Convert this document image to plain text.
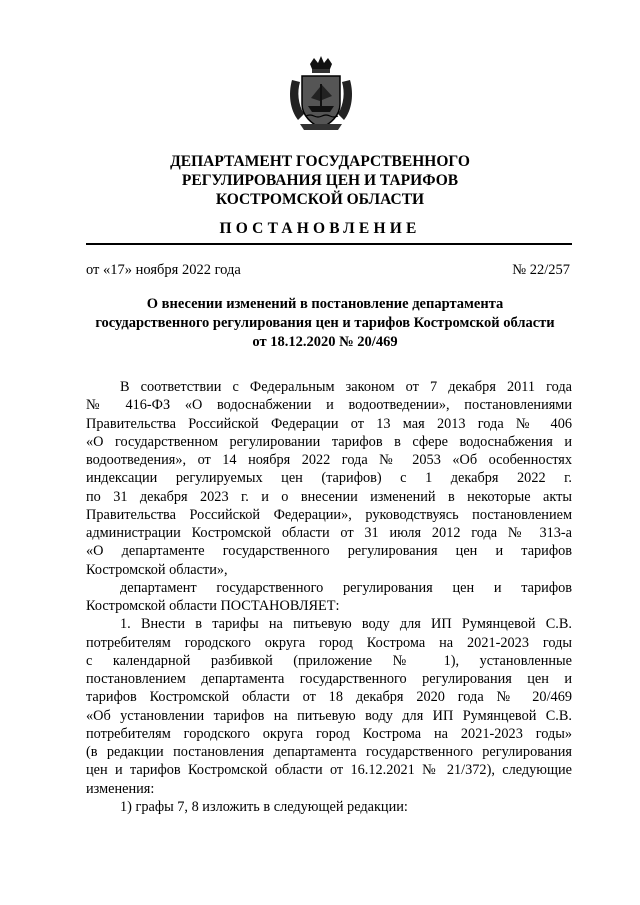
ДЕПАРТАМЕНТ ГОСУДАРСТВЕННОГО
РЕГУЛИРОВАНИЯ ЦЕН И ТАРИФОВ
КОСТРОМСКОЙ ОБЛАСТИ
ПОСТАНОВЛЕНИЕ
от «17» ноября 2022 года	№ 22/257
О внесении изменений в постановление департамента
государственного регулирования цен и тарифов Костромской области
от 18.12.2020 № 20/469
В соответствии с Федеральным законом от 7 декабря 2011 года
№ 416-ФЗ «О водоснабжении и водоотведении», постановлениями
Правительства Российской Федерации от 13 мая 2013 года № 406
«О государственном регулировании тарифов в сфере водоснабжения и
водоотведения», от 14 ноября 2022 года № 2053 «Об особенностях
индексации регулируемых цен (тарифов) с 1 декабря 2022 г.
по 31 декабря 2023 г. и о внесении изменений в некоторые акты
Правительства Российской Федерации», руководствуясь постановлением
администрации Костромской области от 31 июля 2012 года № 313-а
«О департаменте государственного регулирования цен и тарифов
Костромской области»,
департамент государственного регулирования цен и тарифов
Костромской области ПОСТАНОВЛЯЕТ:
1. Внести в тарифы на питьевую воду для ИП Румянцевой С.В.
потребителям городского округа город Кострома на 2021-2023 годы
с календарной разбивкой (приложение № 1), установленные
постановлением департамента государственного регулирования цен и
тарифов Костромской области от 18 декабря 2020 года № 20/469
«Об установлении тарифов на питьевую воду для ИП Румянцевой С.В.
потребителям городского округа город Кострома на 2021-2023 годы»
(в редакции постановления департамента государственного регулирования
цен и тарифов Костромской области от 16.12.2021 № 21/372), следующие
изменения:
1) графы 7, 8 изложить в следующей редакции:
